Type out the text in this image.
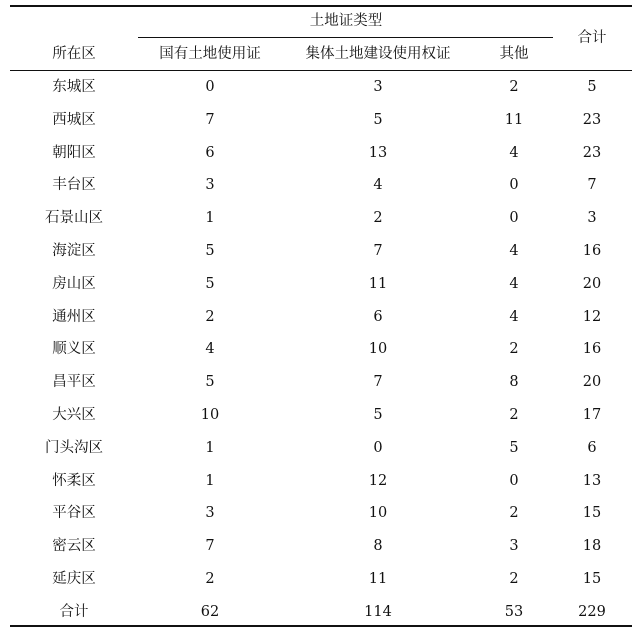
所在区
土地证类型
国有土地使用证	集体土地建设使用权证	其他
合计
东城区	0	3	2	5
西城区	7	5	11	23
朝阳区	6	13	4	23
丰台区	3	4	0	7
石景山区	1	2	0	3
海淀区	5	7	4	16
房山区	5	11	4	20
通州区	2	6	4	12
顺义区	4	10	2	16
昌平区	5	7	8	20
大兴区	10	5	2	17
门头沟区	1	0	5	6
怀柔区	1	12	0	13
平谷区	3	10	2	15
密云区	7	8	3	18
延庆区	2	11	2	15
合计	62	114	53	229
